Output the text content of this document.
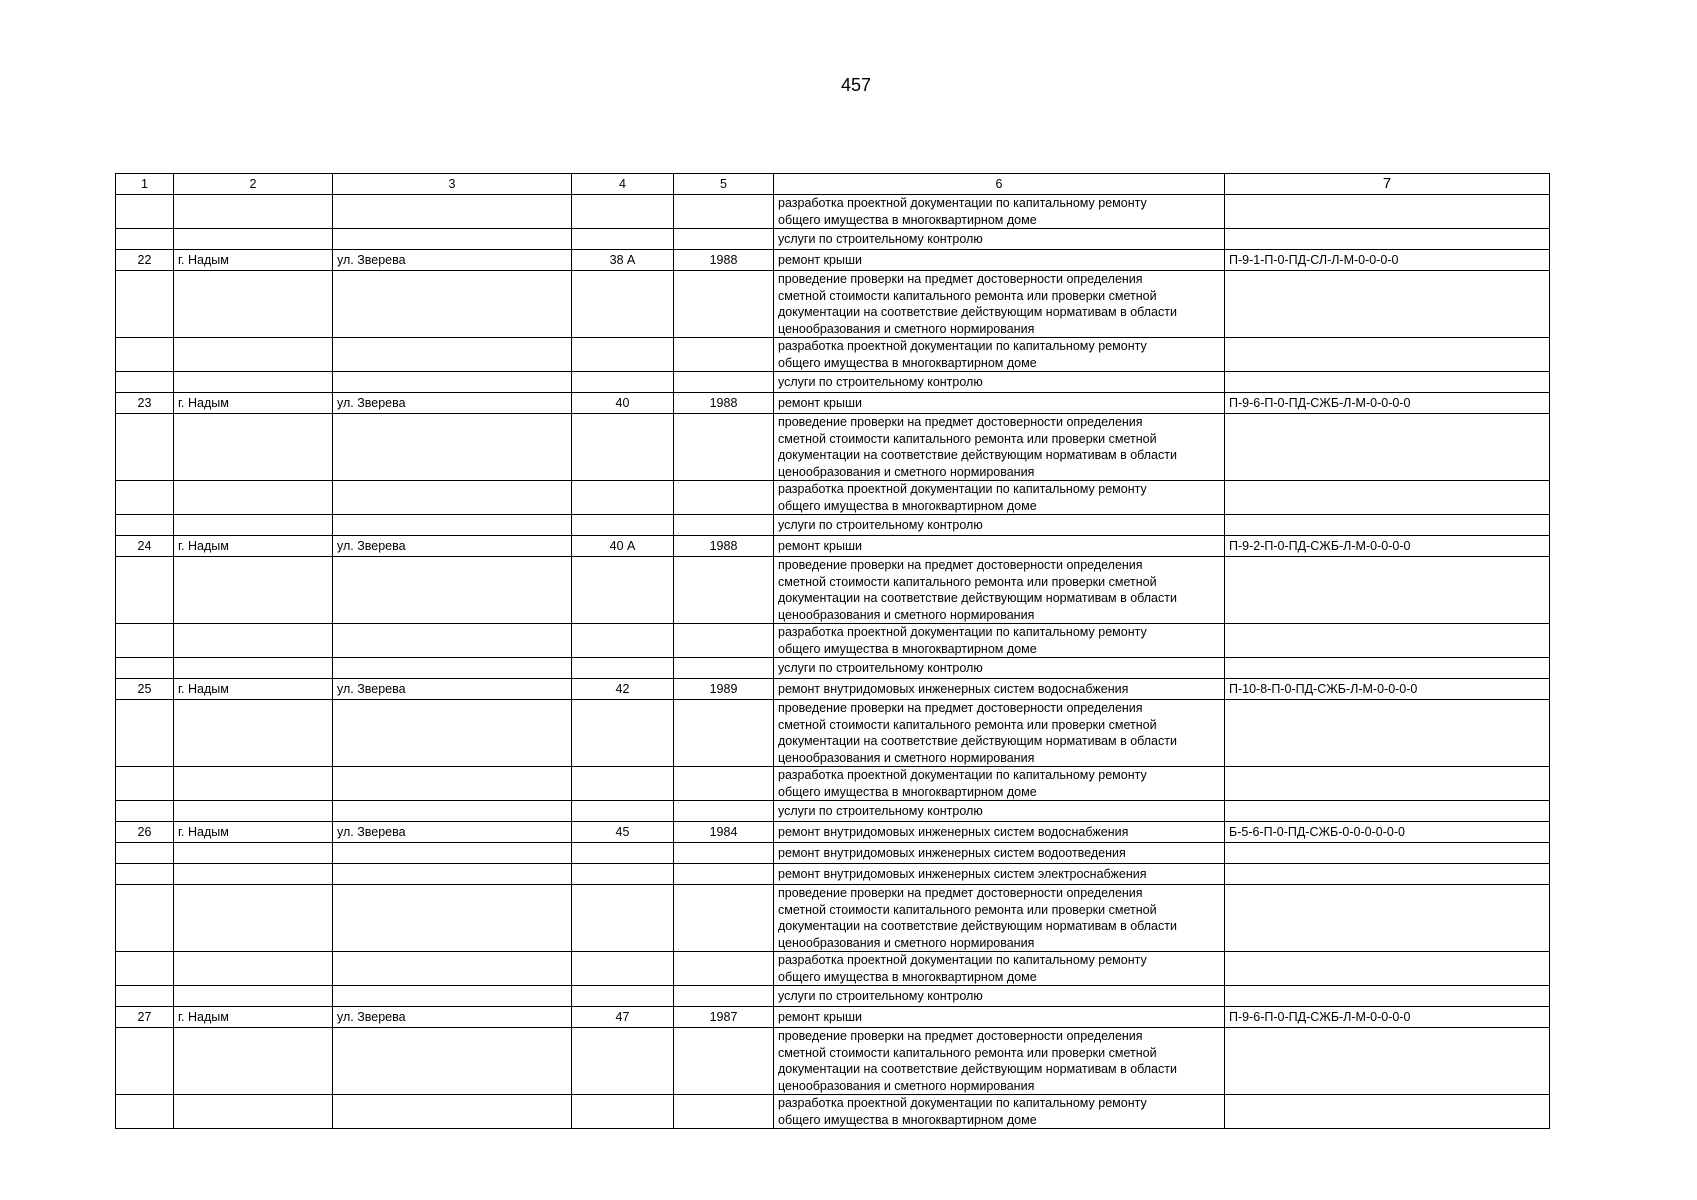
457
1	2	3	4	5	6	7
					разработка проектной документации по капитальному ремонту
общего имущества в многоквартирном доме	
					услуги по строительному контролю	
22	г. Надым	ул. Зверева	38 А	1988	ремонт крыши	П-9-1-П-0-ПД-СЛ-Л-М-0-0-0-0
					проведение проверки на предмет достоверности определения
сметной стоимости капитального ремонта или проверки сметной
документации на соответствие действующим нормативам в области
ценообразования и сметного нормирования	
					разработка проектной документации по капитальному ремонту
общего имущества в многоквартирном доме	
					услуги по строительному контролю	
23	г. Надым	ул. Зверева	40	1988	ремонт крыши	П-9-6-П-0-ПД-СЖБ-Л-М-0-0-0-0
					проведение проверки на предмет достоверности определения
сметной стоимости капитального ремонта или проверки сметной
документации на соответствие действующим нормативам в области
ценообразования и сметного нормирования	
					разработка проектной документации по капитальному ремонту
общего имущества в многоквартирном доме	
					услуги по строительному контролю	
24	г. Надым	ул. Зверева	40 А	1988	ремонт крыши	П-9-2-П-0-ПД-СЖБ-Л-М-0-0-0-0
					проведение проверки на предмет достоверности определения
сметной стоимости капитального ремонта или проверки сметной
документации на соответствие действующим нормативам в области
ценообразования и сметного нормирования	
					разработка проектной документации по капитальному ремонту
общего имущества в многоквартирном доме	
					услуги по строительному контролю	
25	г. Надым	ул. Зверева	42	1989	ремонт внутридомовых инженерных систем водоснабжения	П-10-8-П-0-ПД-СЖБ-Л-М-0-0-0-0
					проведение проверки на предмет достоверности определения
сметной стоимости капитального ремонта или проверки сметной
документации на соответствие действующим нормативам в области
ценообразования и сметного нормирования	
					разработка проектной документации по капитальному ремонту
общего имущества в многоквартирном доме	
					услуги по строительному контролю	
26	г. Надым	ул. Зверева	45	1984	ремонт внутридомовых инженерных систем водоснабжения	Б-5-6-П-0-ПД-СЖБ-0-0-0-0-0-0
					ремонт внутридомовых инженерных систем водоотведения	
					ремонт внутридомовых инженерных систем электроснабжения	
					проведение проверки на предмет достоверности определения
сметной стоимости капитального ремонта или проверки сметной
документации на соответствие действующим нормативам в области
ценообразования и сметного нормирования	
					разработка проектной документации по капитальному ремонту
общего имущества в многоквартирном доме	
					услуги по строительному контролю	
27	г. Надым	ул. Зверева	47	1987	ремонт крыши	П-9-6-П-0-ПД-СЖБ-Л-М-0-0-0-0
					проведение проверки на предмет достоверности определения
сметной стоимости капитального ремонта или проверки сметной
документации на соответствие действующим нормативам в области
ценообразования и сметного нормирования	
					разработка проектной документации по капитальному ремонту
общего имущества в многоквартирном доме	
